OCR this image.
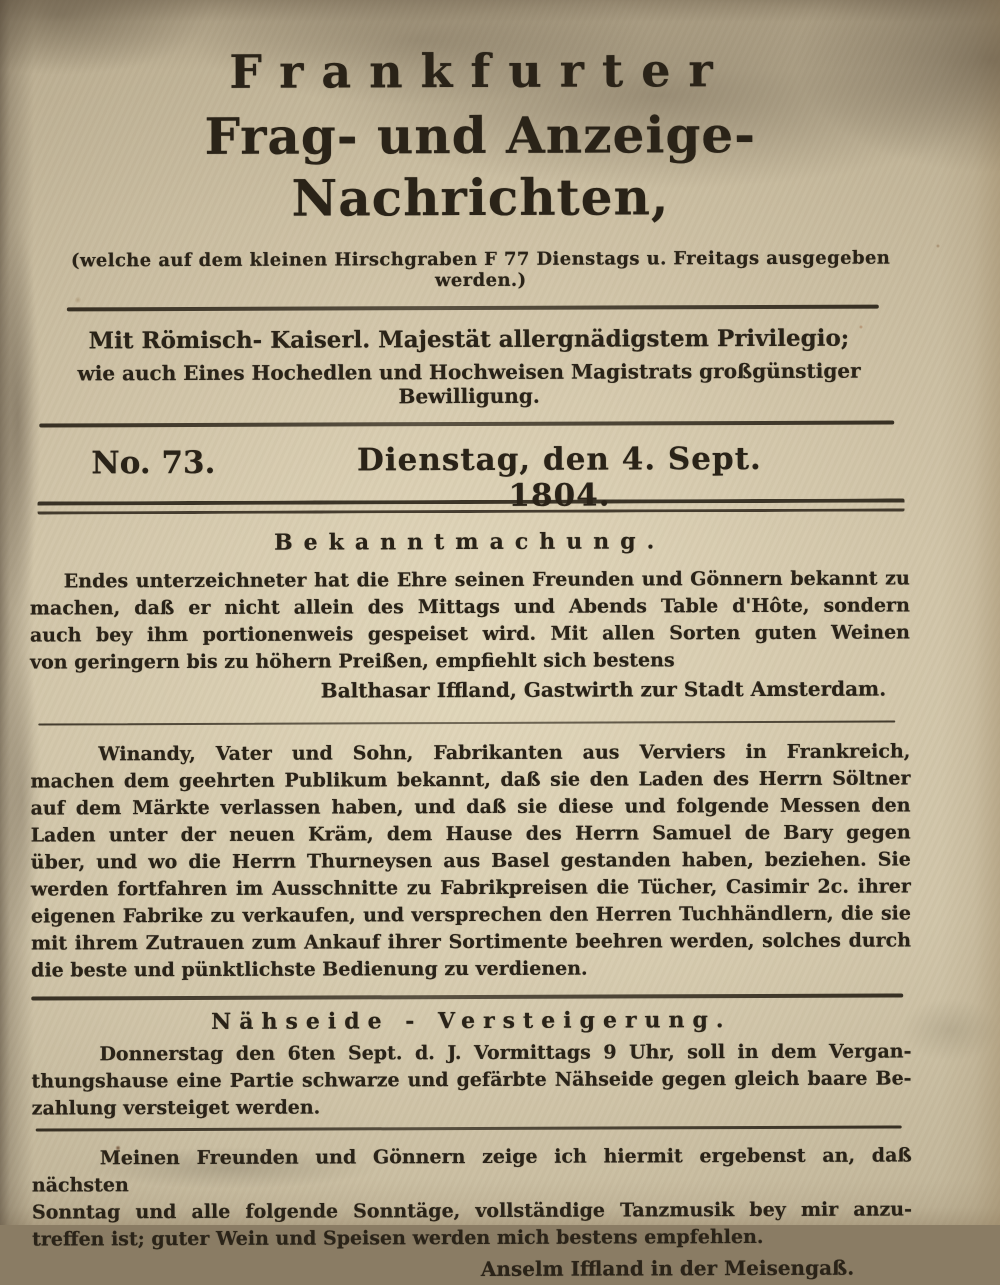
Frankfurter
Frag- und Anzeige-Nachrichten,
(welche auf dem kleinen Hirschgraben F 77 Dienstags u. Freitags ausgegeben werden.)
Mit Römisch- Kaiserl. Majestät allergnädigstem Privilegio;
wie auch Eines Hochedlen und Hochweisen Magistrats großgünstiger Bewilligung.
No. 73.	Dienstag, den 4. Sept. 1804.
Bekanntmachung.
Endes unterzeichneter hat die Ehre seinen Freunden und Gönnern bekannt zu
machen, daß er nicht allein des Mittags und Abends Table d'Hôte, sondern
auch bey ihm portionenweis gespeiset wird. Mit allen Sorten guten Weinen
von geringern bis zu höhern Preißen, empfiehlt sich bestens
Balthasar Iffland, Gastwirth zur Stadt Amsterdam.
Winandy, Vater und Sohn, Fabrikanten aus Verviers in Frankreich,
machen dem geehrten Publikum bekannt, daß sie den Laden des Herrn Söltner
auf dem Märkte verlassen haben, und daß sie diese und folgende Messen den
Laden unter der neuen Kräm, dem Hause des Herrn Samuel de Bary gegen
über, und wo die Herrn Thurneysen aus Basel gestanden haben, beziehen. Sie
werden fortfahren im Ausschnitte zu Fabrikpreisen die Tücher, Casimir 2c. ihrer
eigenen Fabrike zu verkaufen, und versprechen den Herren Tuchhändlern, die sie
mit ihrem Zutrauen zum Ankauf ihrer Sortimente beehren werden, solches durch
die beste und pünktlichste Bedienung zu verdienen.
Nähseide - Versteigerung.
Donnerstag den 6ten Sept. d. J. Vormittags 9 Uhr, soll in dem Vergan-
thungshause eine Partie schwarze und gefärbte Nähseide gegen gleich baare Be-
zahlung versteiget werden.
Meinen Freunden und Gönnern zeige ich hiermit ergebenst an, daß nächsten
Sonntag und alle folgende Sonntäge, vollständige Tanzmusik bey mir anzu-
treffen ist; guter Wein und Speisen werden mich bestens empfehlen.
Anselm Iffland in der Meisengaß.
